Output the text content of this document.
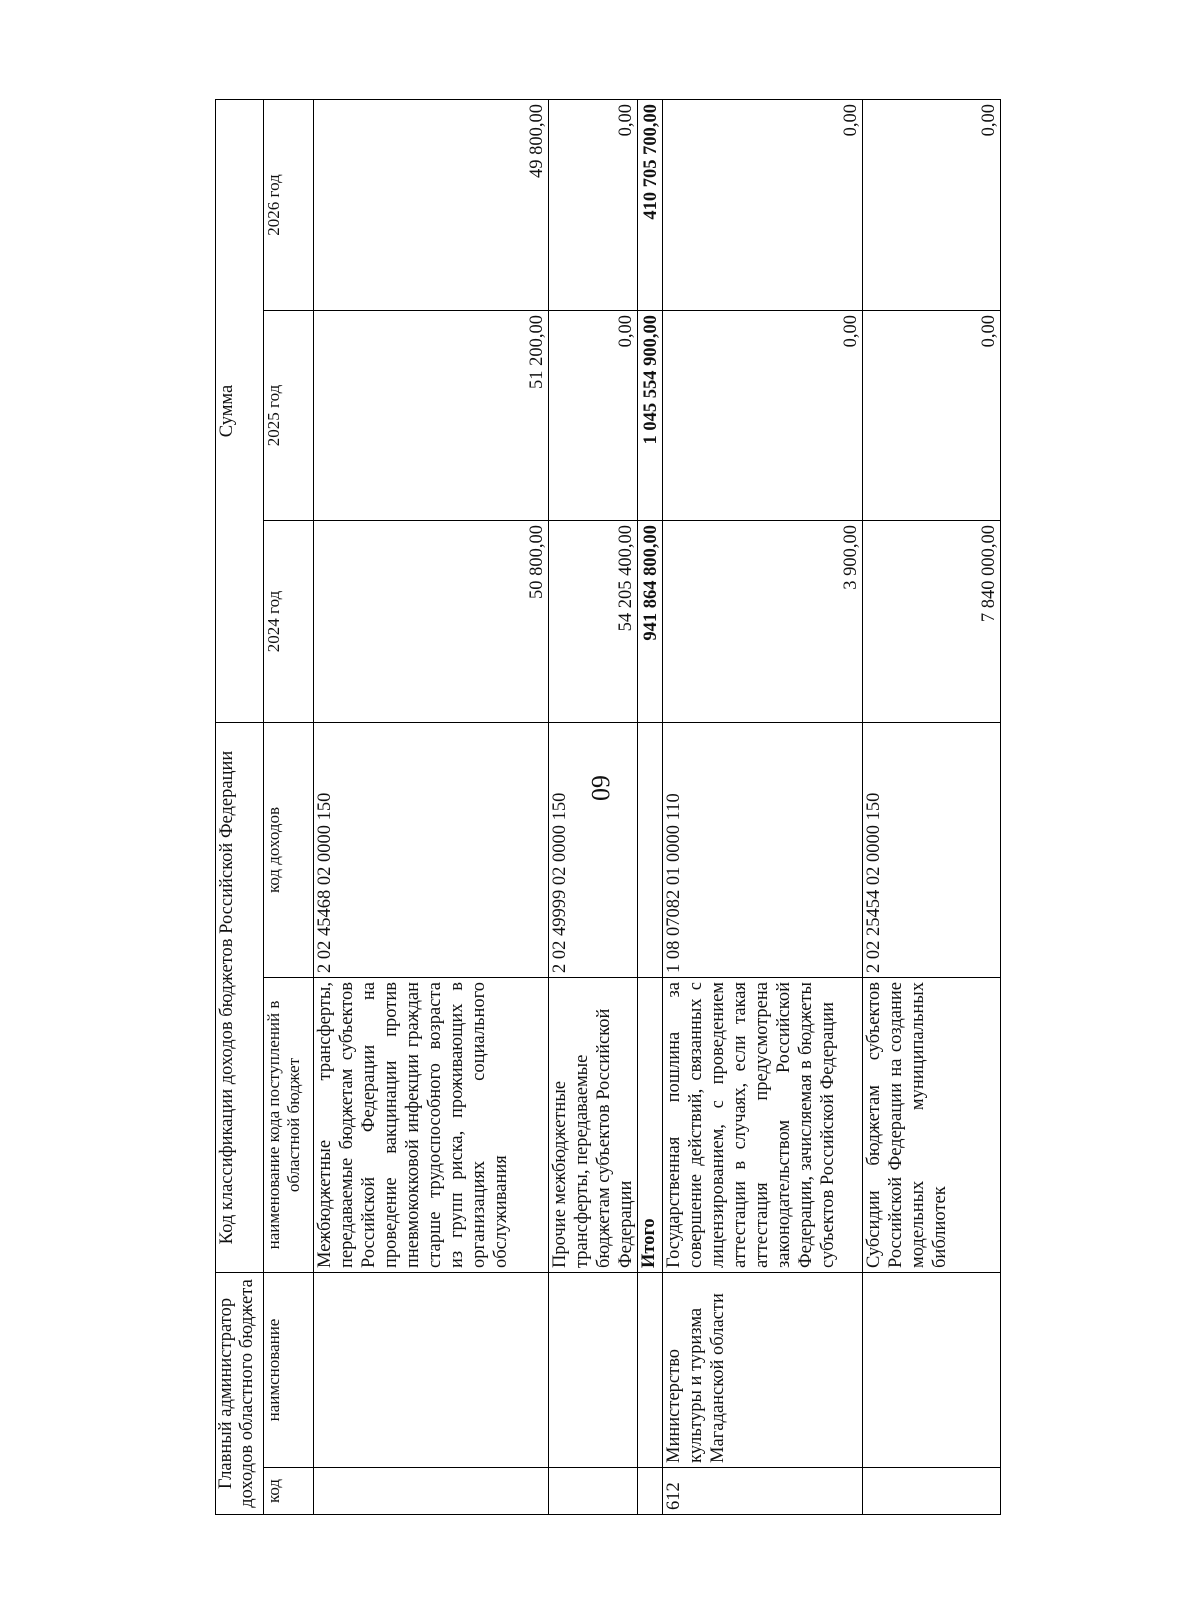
60
Главный администратор доходов областного бюджета		Код классификации доходов бюджетов Российской Федерации		Сумма		
код	наимснование	наименование кода поступлений в областной бюджет	код доходов	2024 год	2025 год	2026 год
		Межбюджетные трансферты, передаваемые бюджетам субъектов Российской Федерации на проведение вакцинации против пневмококковой инфекции граждан старше трудоспособного возраста из групп риска, проживающих в организациях социального обслуживания	2 02 45468 02 0000 150	50 800,00	51 200,00	49 800,00
		Прочие межбюджетные трансферты, передаваемые бюджетам субъектов Российской Федерации	2 02 49999 02 0000 150	54 205 400,00	0,00	0,00
		Итого		941 864 800,00	1 045 554 900,00	410 705 700,00
612	Министерство культуры и туризма Магаданской области	Государственная пошлина за совершение действий, связанных с лицензированием, с проведением аттестации в случаях, если такая аттестация предусмотрена законодательством Российской Федерации, зачисляемая в бюджеты субъектов Российской Федерации	1 08 07082 01 0000 110	3 900,00	0,00	0,00
		Субсидии бюджетам субъектов Российской Федерации на создание модельных муниципальных библиотек	2 02 25454 02 0000 150	7 840 000,00	0,00	0,00
